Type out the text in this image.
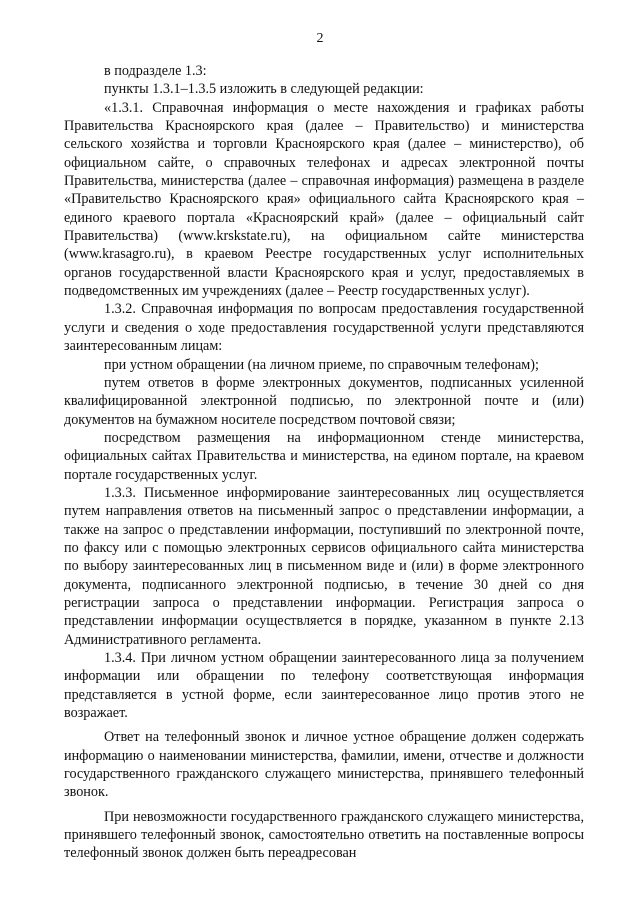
2

в подразделе 1.3:

пункты 1.3.1–1.3.5 изложить в следующей редакции:

«1.3.1. Справочная информация о месте нахождения и графиках работы Правительства Красноярского края (далее – Правительство) и министерства сельского хозяйства и торговли Красноярского края (далее – министерство), об официальном сайте, о справочных телефонах и адресах электронной почты Правительства, министерства (далее – справочная информация) размещена в разделе «Правительство Красноярского края» официального сайта Красноярского края – единого краевого портала «Красноярский край» (далее – официальный сайт Правительства) (www.krskstate.ru), на официальном сайте министерства (www.krasagro.ru), в краевом Реестре государственных услуг исполнительных органов государственной власти Красноярского края и услуг, предоставляемых в подведомственных им учреждениях (далее – Реестр государственных услуг).

1.3.2. Справочная информация по вопросам предоставления государственной услуги и сведения о ходе предоставления государственной услуги представляются заинтересованным лицам:

при устном обращении (на личном приеме, по справочным телефонам);

путем ответов в форме электронных документов, подписанных усиленной квалифицированной электронной подписью, по электронной почте и (или) документов на бумажном носителе посредством почтовой связи;

посредством размещения на информационном стенде министерства, официальных сайтах Правительства и министерства, на едином портале, на краевом портале государственных услуг.

1.3.3. Письменное информирование заинтересованных лиц осуществляется путем направления ответов на письменный запрос о представлении информации, а также на запрос о представлении информации, поступивший по электронной почте, по факсу или с помощью электронных сервисов официального сайта министерства по выбору заинтересованных лиц в письменном виде и (или) в форме электронного документа, подписанного электронной подписью, в течение 30 дней со дня регистрации запроса о представлении информации. Регистрация запроса о представлении информации осуществляется в порядке, указанном в пункте 2.13 Административного регламента.

1.3.4. При личном устном обращении заинтересованного лица за получением информации или обращении по телефону соответствующая информация представляется в устной форме, если заинтересованное лицо против этого не возражает.

Ответ на телефонный звонок и личное устное обращение должен содержать информацию о наименовании министерства, фамилии, имени, отчестве и должности государственного гражданского служащего министерства, принявшего телефонный звонок.

При невозможности государственного гражданского служащего министерства, принявшего телефонный звонок, самостоятельно ответить на поставленные вопросы телефонный звонок должен быть переадресован
